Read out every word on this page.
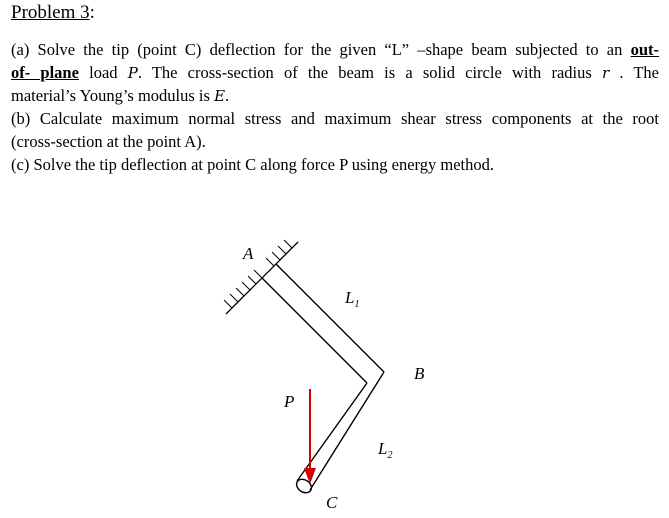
Problem 3:
(a) Solve the tip (point C) deflection for the given “L” –shape beam subjected to an out-
of- plane load P. The cross-section of the beam is a solid circle with radius r . The
material’s Young’s modulus is E.
(b) Calculate maximum normal stress and maximum shear stress components at the root
(cross-section at the point A).
(c) Solve the tip deflection at point C along force P using energy method.
A
$L_1$
B
P
$L_2$
C
